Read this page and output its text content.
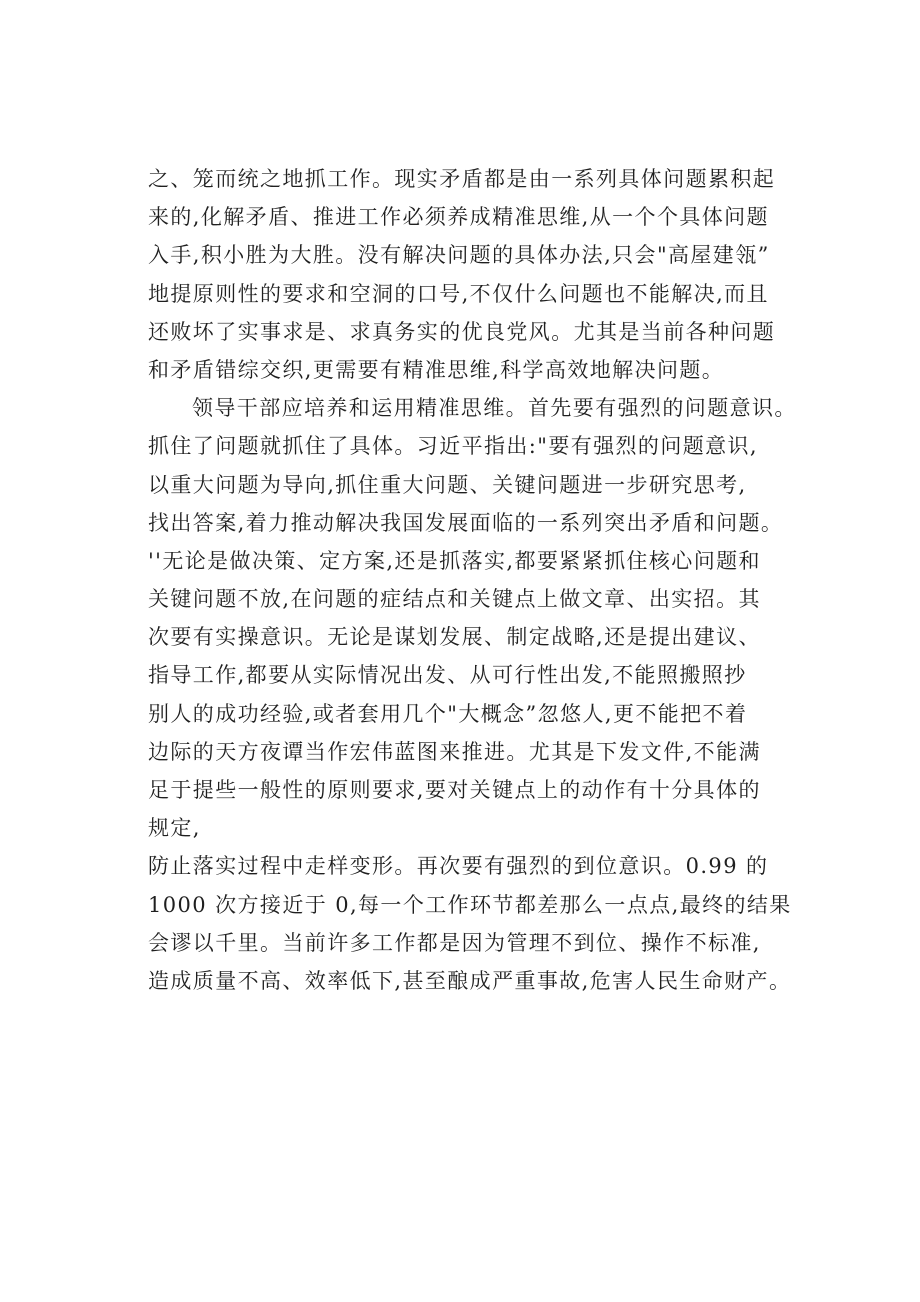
之、笼而统之地抓工作。现实矛盾都是由一系列具体问题累积起
来的,化解矛盾、推进工作必须养成精准思维,从一个个具体问题
入手,积小胜为大胜。没有解决问题的具体办法,只会"高屋建瓴”
地提原则性的要求和空洞的口号,不仅什么问题也不能解决,而且
还败坏了实事求是、求真务实的优良党风。尤其是当前各种问题
和矛盾错综交织,更需要有精准思维,科学高效地解决问题。
领导干部应培养和运用精准思维。首先要有强烈的问题意识。
抓住了问题就抓住了具体。习近平指出:"要有强烈的问题意识,
以重大问题为导向,抓住重大问题、关键问题进一步研究思考,
找出答案,着力推动解决我国发展面临的一系列突出矛盾和问题。
''无论是做决策、定方案,还是抓落实,都要紧紧抓住核心问题和
关键问题不放,在问题的症结点和关键点上做文章、出实招。其
次要有实操意识。无论是谋划发展、制定战略,还是提出建议、
指导工作,都要从实际情况出发、从可行性出发,不能照搬照抄
别人的成功经验,或者套用几个"大概念”忽悠人,更不能把不着
边际的天方夜谭当作宏伟蓝图来推进。尤其是下发文件,不能满
足于提些一般性的原则要求,要对关键点上的动作有十分具体的
规定,
防止落实过程中走样变形。再次要有强烈的到位意识。0.99 的
1000 次方接近于 0,每一个工作环节都差那么一点点,最终的结果
会谬以千里。当前许多工作都是因为管理不到位、操作不标准,
造成质量不高、效率低下,甚至酿成严重事故,危害人民生命财产。
